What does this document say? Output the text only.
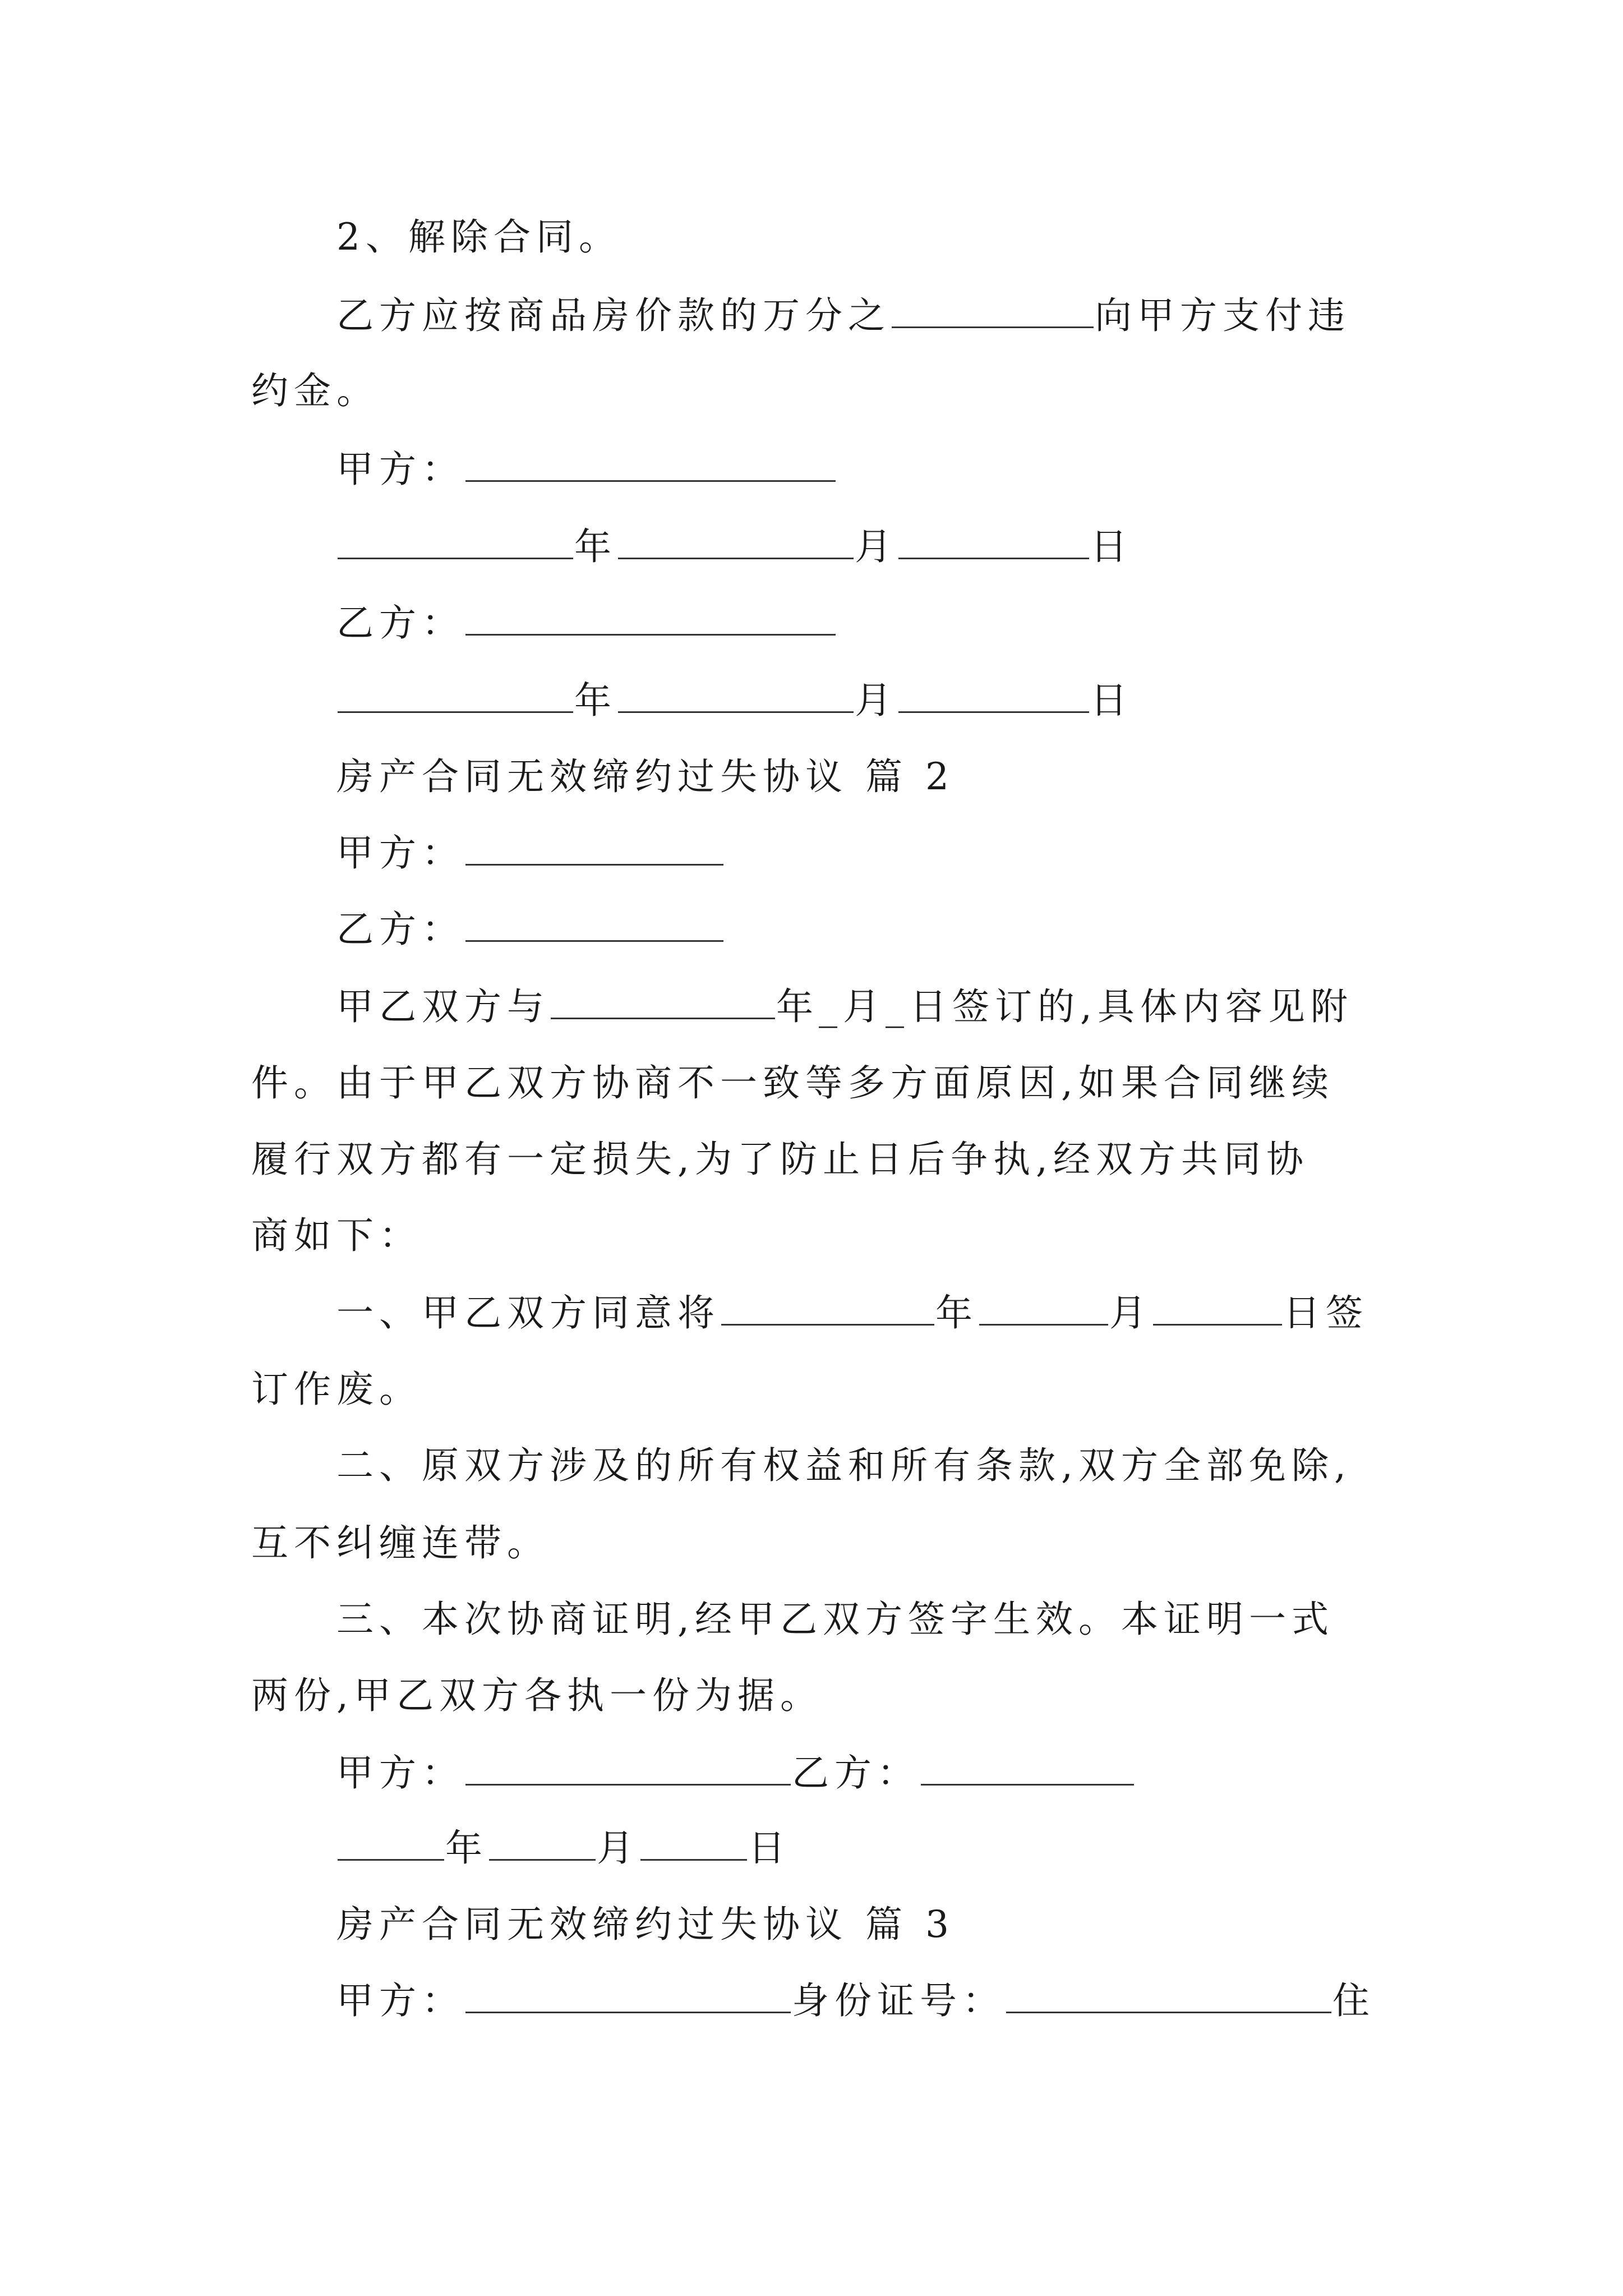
2、解除合同。
乙方应按商品房价款的万分之	向甲方支付违
约金。
甲方：
年	月	日
乙方：
年	月	日
房产合同无效缔约过失协议 篇 2
甲方：
乙方：
甲乙双方与	年_月_日签订的,具体内容见附
件。由于甲乙双方协商不一致等多方面原因,如果合同继续
履行双方都有一定损失,为了防止日后争执,经双方共同协
商如下：
一、甲乙双方同意将	年	月	日签
订作废。
二、原双方涉及的所有权益和所有条款,双方全部免除,
互不纠缠连带。
三、本次协商证明,经甲乙双方签字生效。本证明一式
两份,甲乙双方各执一份为据。
甲方：	乙方：
年	月	日
房产合同无效缔约过失协议 篇 3
甲方：	身份证号：	住
